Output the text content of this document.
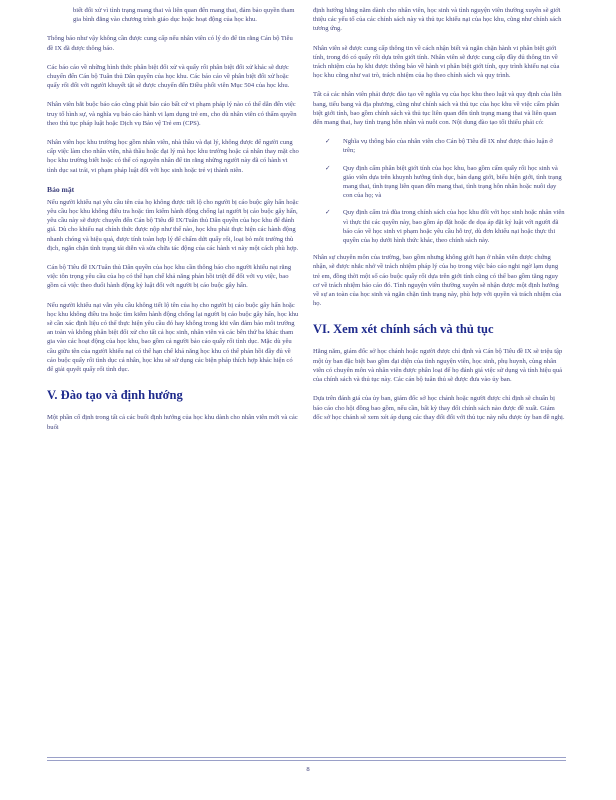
biết đối xử vì tình trạng mang thai và liên quan đến mang thai, đảm bảo quyền tham gia bình đẳng vào chương trình giáo dục hoặc hoạt động của học khu.

Thông báo như vậy không cần được cung cấp nếu nhân viên có lý do để tin rằng Cán bộ Tiêu đề IX đã được thông báo.

Các báo cáo về những hình thức phân biệt đối xử và quấy rối phân biệt đối xử khác sẽ được chuyển đến Cán bộ Tuân thủ Dân quyền của học khu. Các báo cáo về phân biệt đối xử hoặc quấy rối đối với người khuyết tật sẽ được chuyển đến Điều phối viên Mục 504 của học khu.

Nhân viên bắt buộc báo cáo cũng phải báo cáo bất cứ vi phạm pháp lý nào có thể dẫn đến việc truy tố hình sự, và nghĩa vụ báo cáo hành vi lạm dụng trẻ em, cho dù nhân viên có thẩm quyền theo thủ tục pháp luật hoặc Dịch vụ Bảo vệ Trẻ em (CPS).

Nhân viên học khu trường học gồm nhân viên, nhà thầu và đại lý, không được để người cung cấp việc làm cho nhân viên, nhà thầu hoặc đại lý mà học khu trường hoặc cá nhân thay mặt cho học khu trường biết hoặc có thể có nguyên nhân để tin rằng những người này đã có hành vi tình dục sai trái, vi phạm pháp luật đối với học sinh hoặc trẻ vị thành niên.

Bảo mật

Nếu người khiếu nại yêu cầu tên của họ không được tiết lộ cho người bị cáo buộc gây hấn hoặc yêu cầu học khu không điều tra hoặc tìm kiếm hành động chống lại người bị cáo buộc gây hấn, yêu cầu này sẽ được chuyển đến Cán bộ Tiêu đề IX/Tuân thủ Dân quyền của học khu để đánh giá. Dù cho khiếu nại chính thức được nộp như thế nào, học khu phải thực hiện các hành động nhanh chóng và hiệu quả, được tính toàn hợp lý để chấm dứt quấy rối, loại bỏ môi trường thù địch, ngăn chặn tình trạng tái diễn và sửa chữa tác động của các hành vi này một cách phù hợp.

Cán bộ Tiêu đề IX/Tuân thủ Dân quyền của học khu cần thông báo cho người khiếu nại rằng việc tôn trọng yêu cầu của họ có thể hạn chế khả năng phản hồi triệt để đối với vụ việc, bao gồm cả việc theo đuổi hành động kỷ luật đối với người bị cáo buộc gây hấn.

Nếu người khiếu nại vẫn yêu cầu không tiết lộ tên của họ cho người bị cáo buộc gây hấn hoặc học khu không điều tra hoặc tìm kiếm hành động chống lại người bị cáo buộc gây hấn, học khu sẽ cần xác định liệu có thể thực hiện yêu cầu đó hay không trong khi vẫn đảm bảo môi trường an toàn và không phân biệt đối xử cho tất cả học sinh, nhân viên và các bên thứ ba khác tham gia vào các hoạt động của học khu, bao gồm cả người bảo cáo quấy rối tình dục. Mặc dù yêu cầu giữu tên của người khiếu nại có thể hạn chế khả năng học khu có thể phản hồi đầy đủ về cáo buộc quấy rối tình dục cá nhân, học khu sẽ sử dụng các biện pháp thích hợp khác hiện có để giải quyết quấy rối tình dục.

V. Đào tạo và định hướng

Một phần cố định trong tất cả các buổi định hướng của học khu dành cho nhân viên mới và các buổi

định hướng hằng năm dành cho nhân viên, học sinh và tình nguyện viên thường xuyên sẽ giới thiệu các yếu tố của các chính sách này và thủ tục khiếu nại của học khu, cũng như chính sách tương ứng.

Nhân viên sẽ được cung cấp thông tin về cách nhận biết và ngăn chặn hành vi phân biệt giới tính, trong đó có quấy rối dựa trên giới tính. Nhân viên sẽ được cung cấp đầy đủ thông tin về trách nhiệm của họ khi được thông báo về hành vi phân biệt giới tính, quy trình khiếu nại của học khu cũng như vai trò, trách nhiệm của họ theo chính sách và quy trình.

Tất cả các nhân viên phải được đào tạo về nghĩa vụ của học khu theo luật và quy định của liên bang, tiểu bang và địa phương, cũng như chính sách và thủ tục của học khu về việc cấm phân biệt giới tính, bao gồm chính sách và thủ tục liên quan đến tình trạng mang thai và liên quan đến mang thai, hay tình trạng hôn nhân và nuôi con. Nội dung đào tạo tối thiểu phải có:

✓ Nghĩa vụ thông báo của nhân viên cho Cán bộ Tiêu đề IX như được thảo luận ở trên;
✓ Quy định cấm phân biệt giới tính của học khu, bao gồm cấm quấy rối học sinh và giáo viên dựa trên khuynh hướng tình dục, bản dạng giới, biểu hiện giới, tình trạng mang thai, tình trạng liên quan đến mang thai, tình trạng hôn nhân hoặc nuôi dạy con của họ; và
✓ Quy định cấm trả đũa trong chính sách của học khu đối với học sinh hoặc nhân viên vì thực thi các quyền này, bao gồm áp đặt hoặc đe dọa áp đặt kỷ luật với người đã báo cáo về học sinh vi phạm hoặc yêu cầu hỗ trợ, dù đơn khiếu nại hoặc thực thi quyền của họ dưới hình thức khác, theo chính sách này.

Nhân sự chuyên môn của trường, bao gồm nhưng không giới hạn ở nhân viên được chứng nhận, sẽ được nhắc nhở về trách nhiệm pháp lý của họ trong việc báo cáo nghi ngờ lạm dụng trẻ em, đồng thời một số cáo buộc quấy rối dựa trên giới tính cũng có thể bao gồm tăng nguy cơ về trách nhiệm báo cáo đó. Tình nguyện viên thường xuyên sẽ nhận được một định hướng về sự an toàn của học sinh và ngăn chặn tình trạng này, phù hợp với quyền và trách nhiệm của họ.

VI. Xem xét chính sách và thủ tục

Hằng năm, giám đốc sở học chánh hoặc người được chỉ định và Cán bộ Tiêu đề IX sẽ triệu tập một ủy ban đặc biệt bao gồm đại diện của tình nguyện viên, học sinh, phụ huynh, cùng nhân viên có chuyên môn và nhân viên được phân loại để họ đánh giá việc sử dụng và tính hiệu quả của chính sách và thủ tục này. Các cán bộ tuân thủ sẽ được đưa vào ủy ban.

Dựa trên đánh giá của ủy ban, giám đốc sở học chánh hoặc người được chỉ định sẽ chuẩn bị báo cáo cho hội đồng bao gồm, nếu cần, bất kỳ thay đổi chính sách nào được đề xuất. Giám đốc sở học chánh sẽ xem xét áp dụng các thay đổi đối với thủ tục này nếu được ủy ban đề nghị.

8
